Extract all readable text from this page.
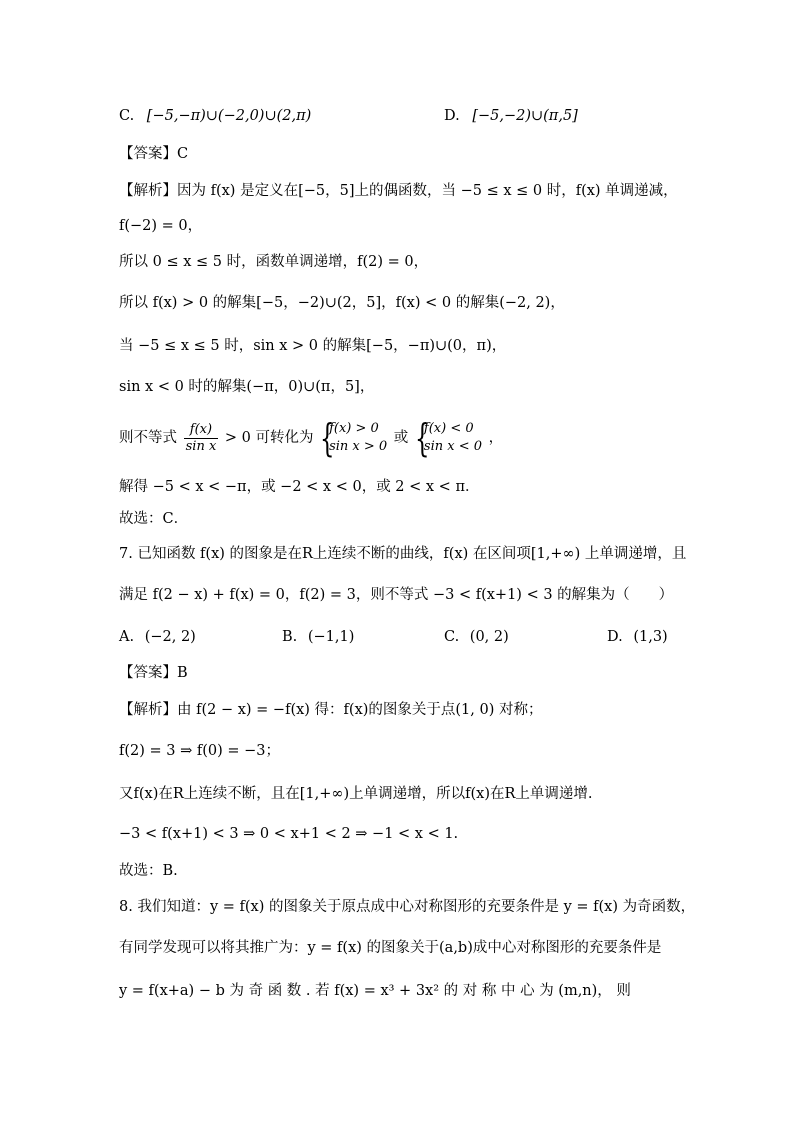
C. [−5,−π)∪(−2,0)∪(2,π)	D. [−5,−2)∪(π,5]
【答案】C
【解析】因为 f(x) 是定义在[−5，5]上的偶函数，当 −5 ≤ x ≤ 0 时，f(x) 单调递减，
f(−2) = 0，
所以 0 ≤ x ≤ 5 时，函数单调递增，f(2) = 0，
所以 f(x) > 0 的解集[−5，−2)∪(2，5]，f(x) < 0 的解集(−2, 2)，
当 −5 ≤ x ≤ 5 时，sin x > 0 的解集[−5，−π)∪(0，π)，
sin x < 0 时的解集(−π，0)∪(π，5]，
则不等式 $\frac{f(x)}{\text{sin x}} > 0$ 可转化为 {
f(x) > 0
sin x > 0
或 {
f(x) < 0
sin x < 0
，
解得 −5 < x < −π，或 −2 < x < 0，或 2 < x < π．
故选：C．
7. 已知函数 f(x) 的图象是在R上连续不断的曲线，f(x) 在区间项[1,+∞) 上单调递增，且
满足 f(2 − x) + f(x) = 0，f(2) = 3，则不等式 −3 < f(x+1) < 3 的解集为（　　）
A. (−2, 2)	B. (−1,1)	C. (0, 2)	D. (1,3)
【答案】B
【解析】由 f(2 − x) = −f(x) 得：f(x)的图象关于点(1, 0) 对称；
f(2) = 3 ⇒ f(0) = −3；
又f(x)在R上连续不断，且在[1,+∞)上单调递增，所以f(x)在R上单调递增.
−3 < f(x+1) < 3 ⇒ 0 < x+1 < 2 ⇒ −1 < x < 1.
故选：B.
8. 我们知道：y = f(x) 的图象关于原点成中心对称图形的充要条件是 y = f(x) 为奇函数，
有同学发现可以将其推广为：y = f(x) 的图象关于(a,b)成中心对称图形的充要条件是
y = f(x+a) − b 为 奇 函 数 . 若 f(x) = x³ + 3x² 的 对 称 中 心 为 (m,n)， 则
